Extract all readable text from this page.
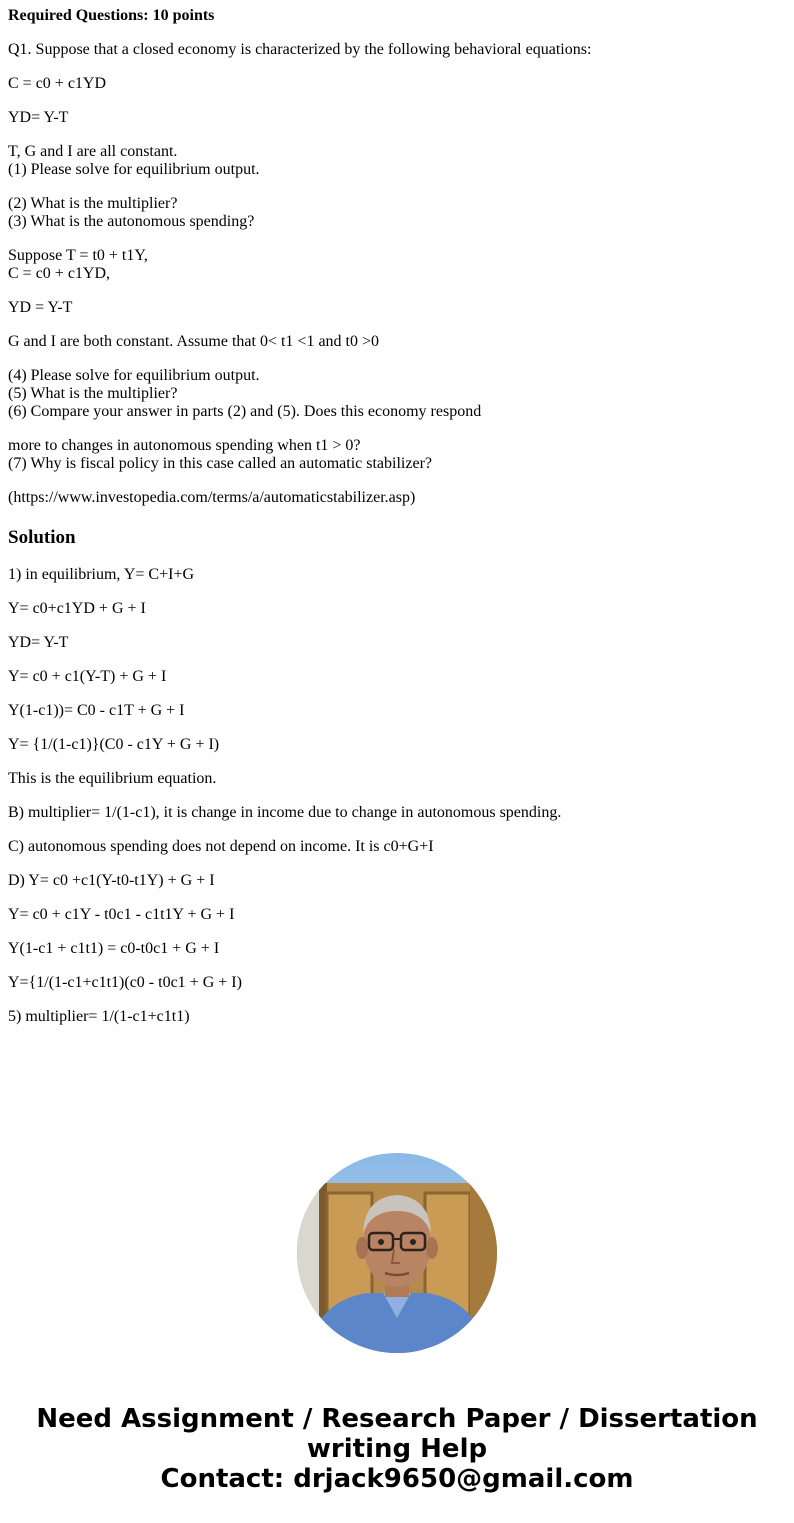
Required Questions: 10 points

Q1. Suppose that a closed economy is characterized by the following behavioral equations:

C = c0 + c1YD

YD= Y-T

T, G and I are all constant.

(1) Please solve for equilibrium output.

(2) What is the multiplier?

(3) What is the autonomous spending?

Suppose T = t0 + t1Y,

C = c0 + c1YD,

YD = Y-T

G and I are both constant. Assume that 0< t1 <1 and t0 >0

(4) Please solve for equilibrium output.

(5) What is the multiplier?

(6) Compare your answer in parts (2) and (5). Does this economy respond

more to changes in autonomous spending when t1 > 0?

(7) Why is fiscal policy in this case called an automatic stabilizer?

(https://www.investopedia.com/terms/a/automaticstabilizer.asp)

Solution

1) in equilibrium, Y= C+I+G

Y= c0+c1YD + G + I

YD= Y-T

Y= c0 + c1(Y-T) + G + I

Y(1-c1))= C0 - c1T + G + I

Y= {1/(1-c1)}(C0 - c1Y + G + I)

This is the equilibrium equation.

B) multiplier= 1/(1-c1), it is change in income due to change in autonomous spending.

C) autonomous spending does not depend on income. It is c0+G+I

D) Y= c0 +c1(Y-t0-t1Y) + G + I

Y= c0 + c1Y - t0c1 - c1t1Y + G + I

Y(1-c1 + c1t1) = c0-t0c1 + G + I

Y={1/(1-c1+c1t1)(c0 - t0c1 + G + I)

5) multiplier= 1/(1-c1+c1t1)

Need Assignment / Research Paper / Dissertation
writing Help
Contact: drjack9650@gmail.com
